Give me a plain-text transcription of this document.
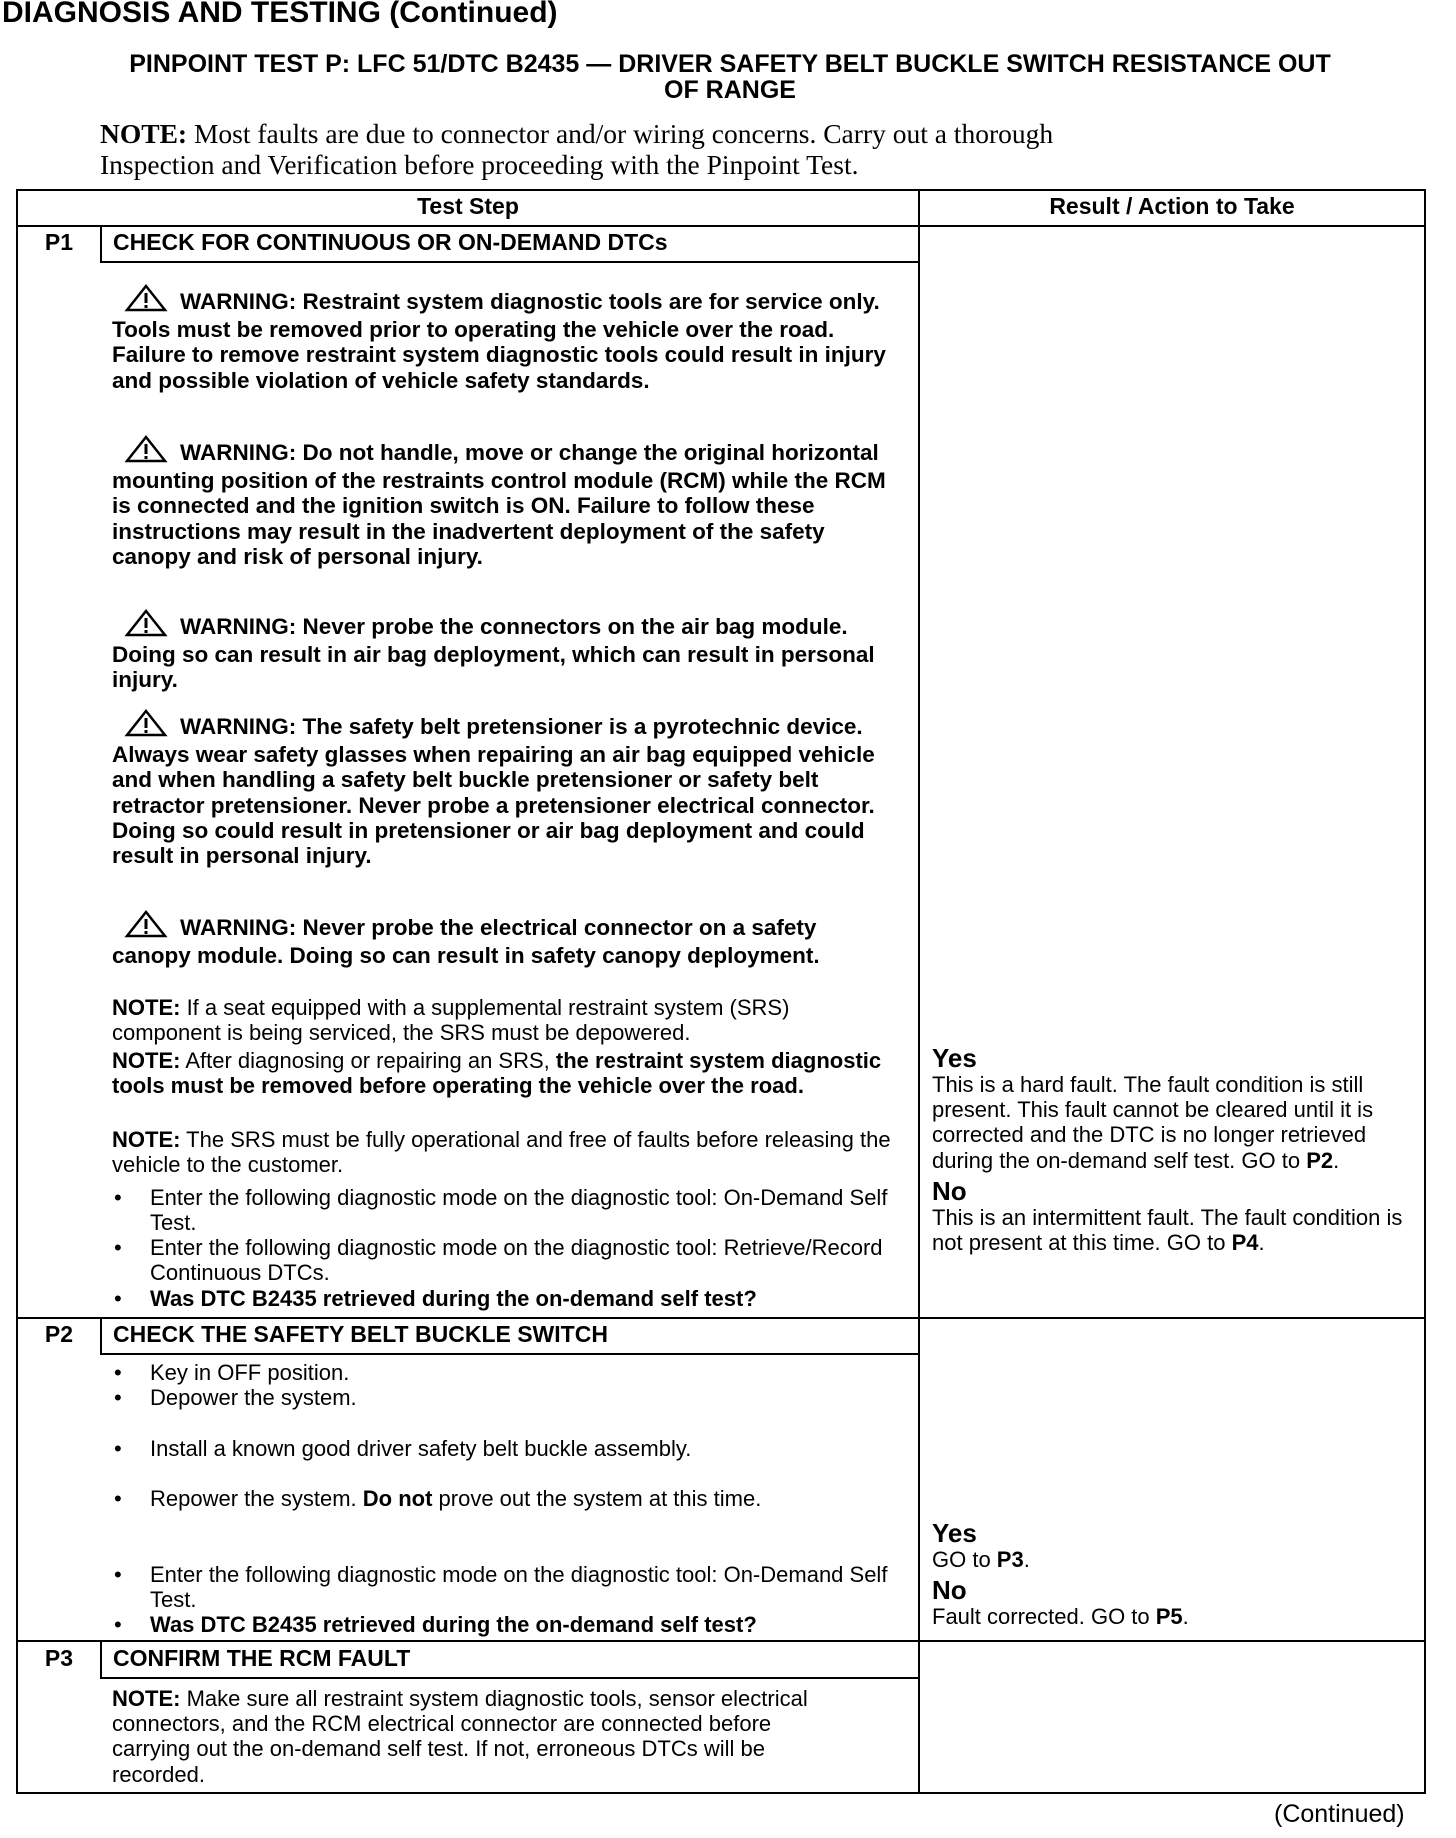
DIAGNOSIS AND TESTING (Continued)
PINPOINT TEST P: LFC 51/DTC B2435 — DRIVER SAFETY BELT BUCKLE SWITCH RESISTANCE OUT
OF RANGE
NOTE: Most faults are due to connector and/or wiring concerns. Carry out a thorough
Inspection and Verification before proceeding with the Pinpoint Test.
Test Step	Result / Action to Take
P1	CHECK FOR CONTINUOUS OR ON-DEMAND DTCs
WARNING: Restraint system diagnostic tools are for service only. Tools must be removed prior to operating the vehicle over the road. Failure to remove restraint system diagnostic tools could result in injury and possible violation of vehicle safety standards.
WARNING: Do not handle, move or change the original horizontal mounting position of the restraints control module (RCM) while the RCM is connected and the ignition switch is ON. Failure to follow these instructions may result in the inadvertent deployment of the safety canopy and risk of personal injury.
WARNING: Never probe the connectors on the air bag module. Doing so can result in air bag deployment, which can result in personal injury.
WARNING: The safety belt pretensioner is a pyrotechnic device. Always wear safety glasses when repairing an air bag equipped vehicle and when handling a safety belt buckle pretensioner or safety belt retractor pretensioner. Never probe a pretensioner electrical connector. Doing so could result in pretensioner or air bag deployment and could result in personal injury.
WARNING: Never probe the electrical connector on a safety canopy module. Doing so can result in safety canopy deployment.
NOTE: If a seat equipped with a supplemental restraint system (SRS) component is being serviced, the SRS must be depowered.
NOTE: After diagnosing or repairing an SRS, the restraint system diagnostic tools must be removed before operating the vehicle over the road.
NOTE: The SRS must be fully operational and free of faults before releasing the vehicle to the customer.
• Enter the following diagnostic mode on the diagnostic tool: On-Demand Self Test.
• Enter the following diagnostic mode on the diagnostic tool: Retrieve/Record Continuous DTCs.
• Was DTC B2435 retrieved during the on-demand self test?
Yes
This is a hard fault. The fault condition is still present. This fault cannot be cleared until it is corrected and the DTC is no longer retrieved during the on-demand self test. GO to P2.
No
This is an intermittent fault. The fault condition is not present at this time. GO to P4.
P2	CHECK THE SAFETY BELT BUCKLE SWITCH
• Key in OFF position.
• Depower the system.
• Install a known good driver safety belt buckle assembly.
• Repower the system. Do not prove out the system at this time.
• Enter the following diagnostic mode on the diagnostic tool: On-Demand Self Test.
• Was DTC B2435 retrieved during the on-demand self test?
Yes
GO to P3.
No
Fault corrected. GO to P5.
P3	CONFIRM THE RCM FAULT
NOTE: Make sure all restraint system diagnostic tools, sensor electrical connectors, and the RCM electrical connector are connected before carrying out the on-demand self test. If not, erroneous DTCs will be recorded.
(Continued)
